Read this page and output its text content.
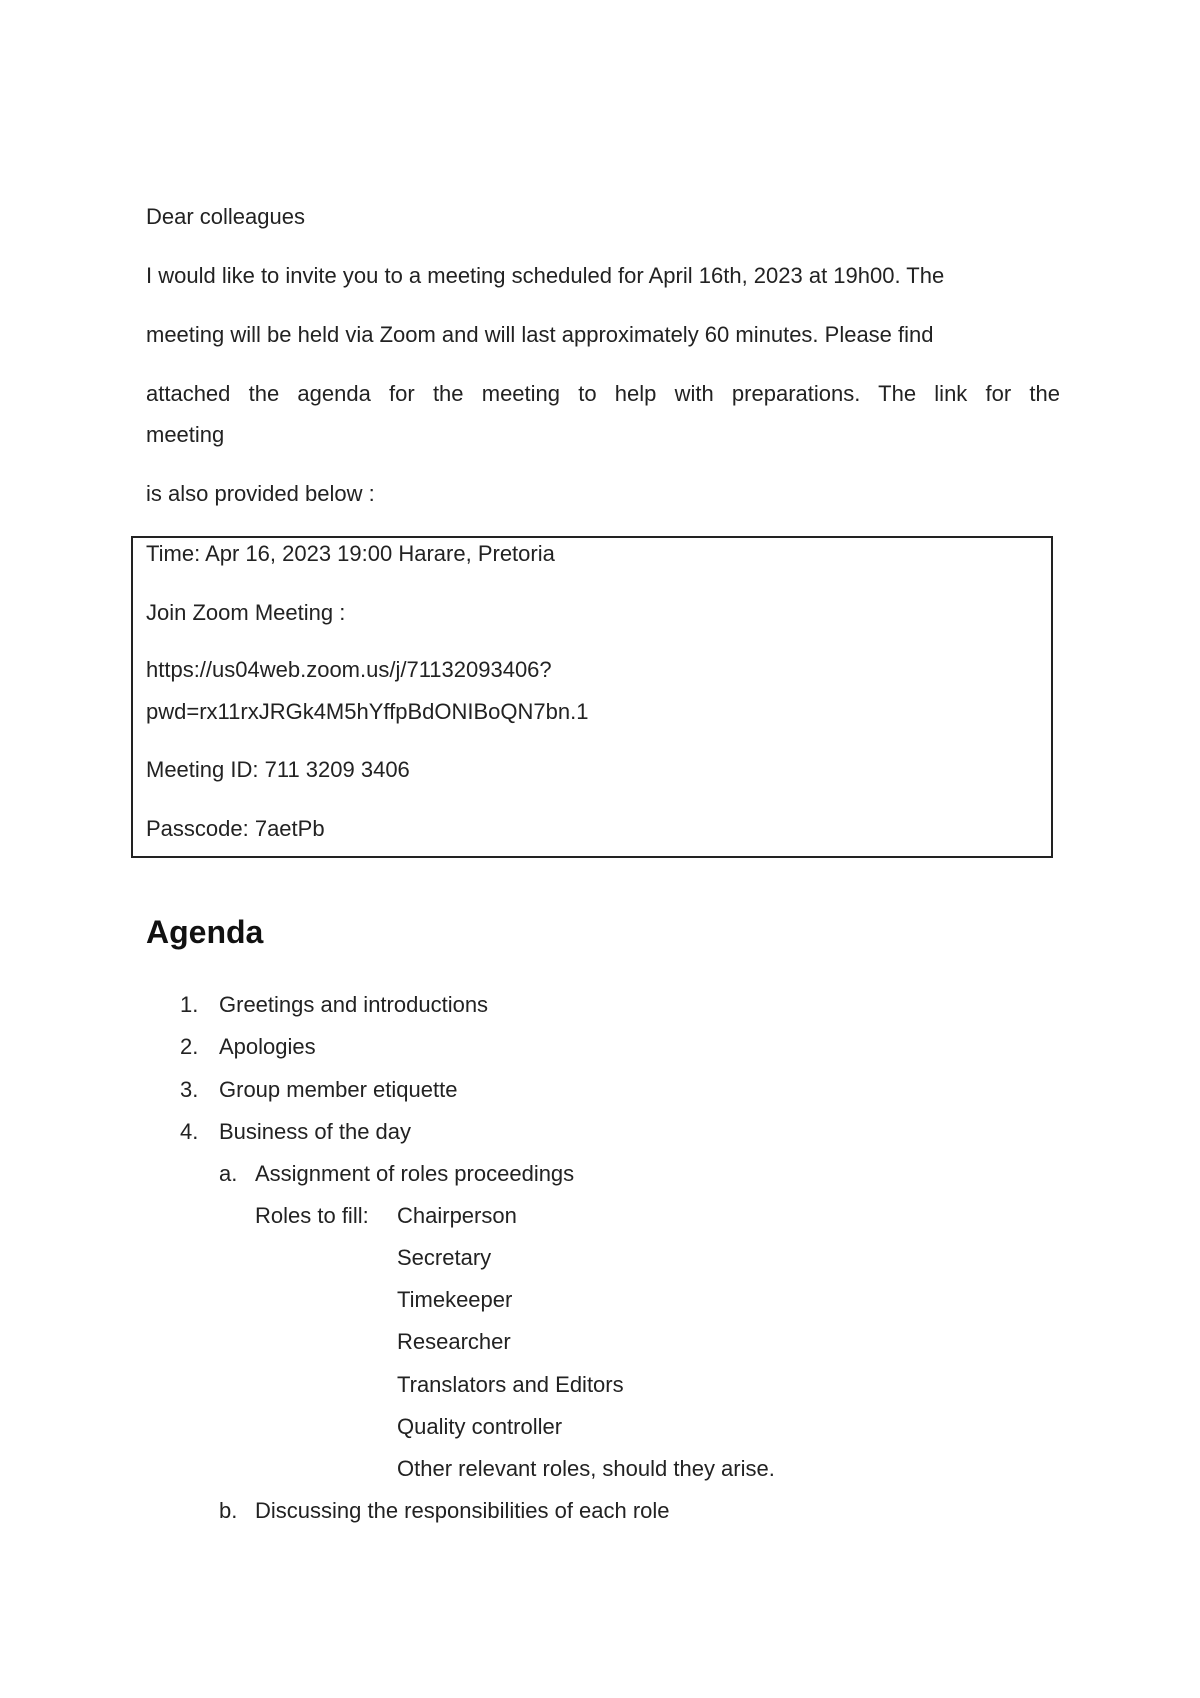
Dear colleagues
I would like to invite you to a meeting scheduled for April 16th, 2023 at 19h00. The
meeting will be held via Zoom and will last approximately 60 minutes. Please find
attached the agenda for the meeting to help with preparations. The link for the
meeting
is also provided below :
Time: Apr 16, 2023 19:00 Harare, Pretoria
Join Zoom Meeting :
https://us04web.zoom.us/j/71132093406?
pwd=rx11rxJRGk4M5hYffpBdONIBoQN7bn.1
Meeting ID: 711 3209 3406
Passcode: 7aetPb
Agenda
1. Greetings and introductions
2. Apologies
3. Group member etiquette
4. Business of the day
a. Assignment of roles proceedings
Roles to fill: Chairperson
Secretary
Timekeeper
Researcher
Translators and Editors
Quality controller
Other relevant roles, should they arise.
b. Discussing the responsibilities of each role
